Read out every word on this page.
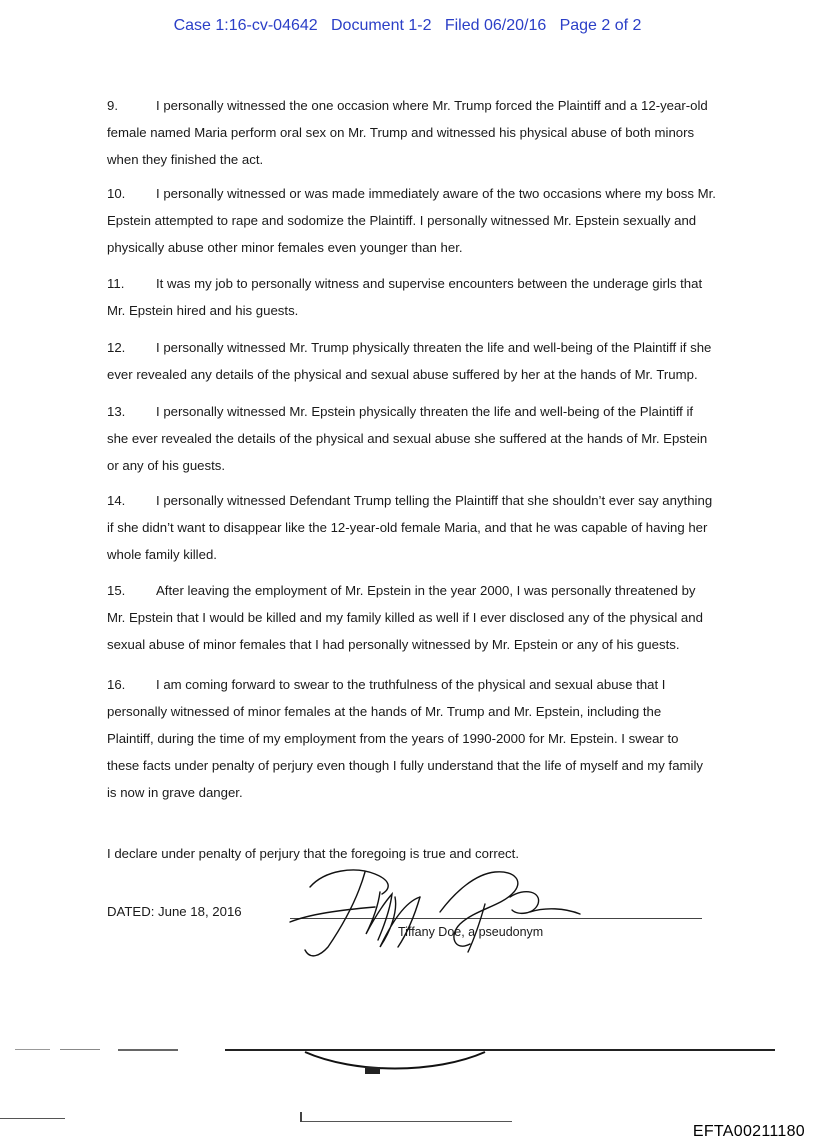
Case 1:16-cv-04642   Document 1-2   Filed 06/20/16   Page 2 of 2
9.	I personally witnessed the one occasion where Mr. Trump forced the Plaintiff and a 12-year-old
female named Maria perform oral sex on Mr. Trump and witnessed his physical abuse of both minors
when they finished the act.
10. I personally witnessed or was made immediately aware of the two occasions where my boss Mr.
Epstein attempted to rape and sodomize the Plaintiff. I personally witnessed Mr. Epstein sexually and
physically abuse other minor females even younger than her.
11. It was my job to personally witness and supervise encounters between the underage girls that
Mr. Epstein hired and his guests.
12. I personally witnessed Mr. Trump physically threaten the life and well-being of the Plaintiff if she
ever revealed any details of the physical and sexual abuse suffered by her at the hands of Mr. Trump.
13. I personally witnessed Mr. Epstein physically threaten the life and well-being of the Plaintiff if
she ever revealed the details of the physical and sexual abuse she suffered at the hands of Mr. Epstein
or any of his guests.
14. I personally witnessed Defendant Trump telling the Plaintiff that she shouldn’t ever say anything
if she didn’t want to disappear like the 12-year-old female Maria, and that he was capable of having her
whole family killed.
15. After leaving the employment of Mr. Epstein in the year 2000, I was personally threatened by
Mr. Epstein that I would be killed and my family killed as well if I ever disclosed any of the physical and
sexual abuse of minor females that I had personally witnessed by Mr. Epstein or any of his guests.
16. I am coming forward to swear to the truthfulness of the physical and sexual abuse that I
personally witnessed of minor females at the hands of Mr. Trump and Mr. Epstein, including the
Plaintiff, during the time of my employment from the years of 1990-2000 for Mr. Epstein. I swear to
these facts under penalty of perjury even though I fully understand that the life of myself and my family
is now in grave danger.
I declare under penalty of perjury that the foregoing is true and correct.
DATED: June 18, 2016
Tiffany Doe, a pseudonym
EFTA00211180
